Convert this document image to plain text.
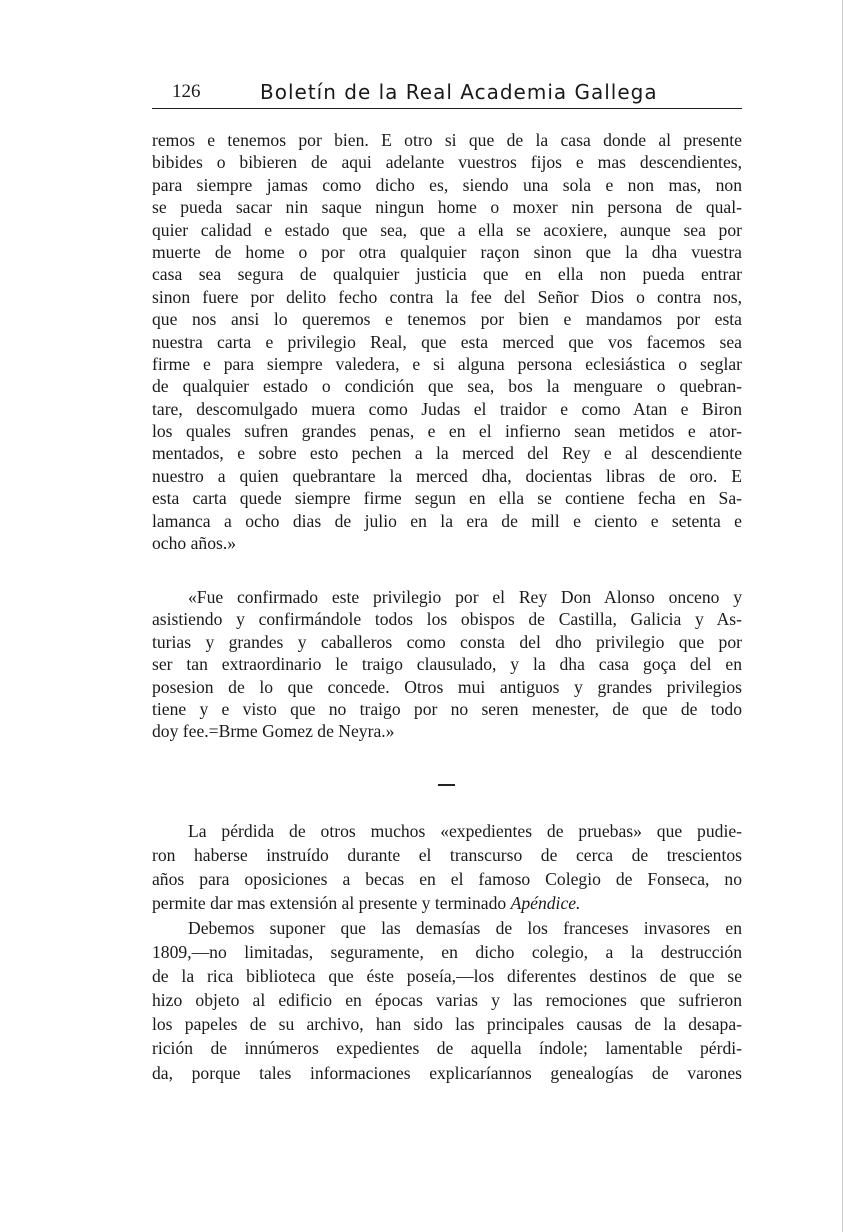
126	Boletín de la Real Academia Gallega
remos e tenemos por bien. E otro si que de la casa donde al presente
bibides o bibieren de aqui adelante vuestros fijos e mas descendientes,
para siempre jamas como dicho es, siendo una sola e non mas, non
se pueda sacar nin saque ningun home o moxer nin persona de qual-
quier calidad e estado que sea, que a ella se acoxiere, aunque sea por
muerte de home o por otra qualquier raçon sinon que la dha vuestra
casa sea segura de qualquier justicia que en ella non pueda entrar
sinon fuere por delito fecho contra la fee del Señor Dios o contra nos,
que nos ansi lo queremos e tenemos por bien e mandamos por esta
nuestra carta e privilegio Real, que esta merced que vos facemos sea
firme e para siempre valedera, e si alguna persona eclesiástica o seglar
de qualquier estado o condición que sea, bos la menguare o quebran-
tare, descomulgado muera como Judas el traidor e como Atan e Biron
los quales sufren grandes penas, e en el infierno sean metidos e ator-
mentados, e sobre esto pechen a la merced del Rey e al descendiente
nuestro a quien quebrantare la merced dha, docientas libras de oro. E
esta carta quede siempre firme segun en ella se contiene fecha en Sa-
lamanca a ocho dias de julio en la era de mill e ciento e setenta e
ocho años.»
«Fue confirmado este privilegio por el Rey Don Alonso onceno y
asistiendo y confirmándole todos los obispos de Castilla, Galicia y As-
turias y grandes y caballeros como consta del dho privilegio que por
ser tan extraordinario le traigo clausulado, y la dha casa goça del en
posesion de lo que concede. Otros mui antiguos y grandes privilegios
tiene y e visto que no traigo por no seren menester, de que de todo
doy fee.=Brme Gomez de Neyra.»
La pérdida de otros muchos «expedientes de pruebas» que pudie-
ron haberse instruído durante el transcurso de cerca de trescientos
años para oposiciones a becas en el famoso Colegio de Fonseca, no
permite dar mas extensión al presente y terminado Apéndice.
Debemos suponer que las demasías de los franceses invasores en
1809,—no limitadas, seguramente, en dicho colegio, a la destrucción
de la rica biblioteca que éste poseía,—los diferentes destinos de que se
hizo objeto al edificio en épocas varias y las remociones que sufrieron
los papeles de su archivo, han sido las principales causas de la desapa-
rición de innúmeros expedientes de aquella índole; lamentable pérdi-
da, porque tales informaciones explicaríannos genealogías de varones
